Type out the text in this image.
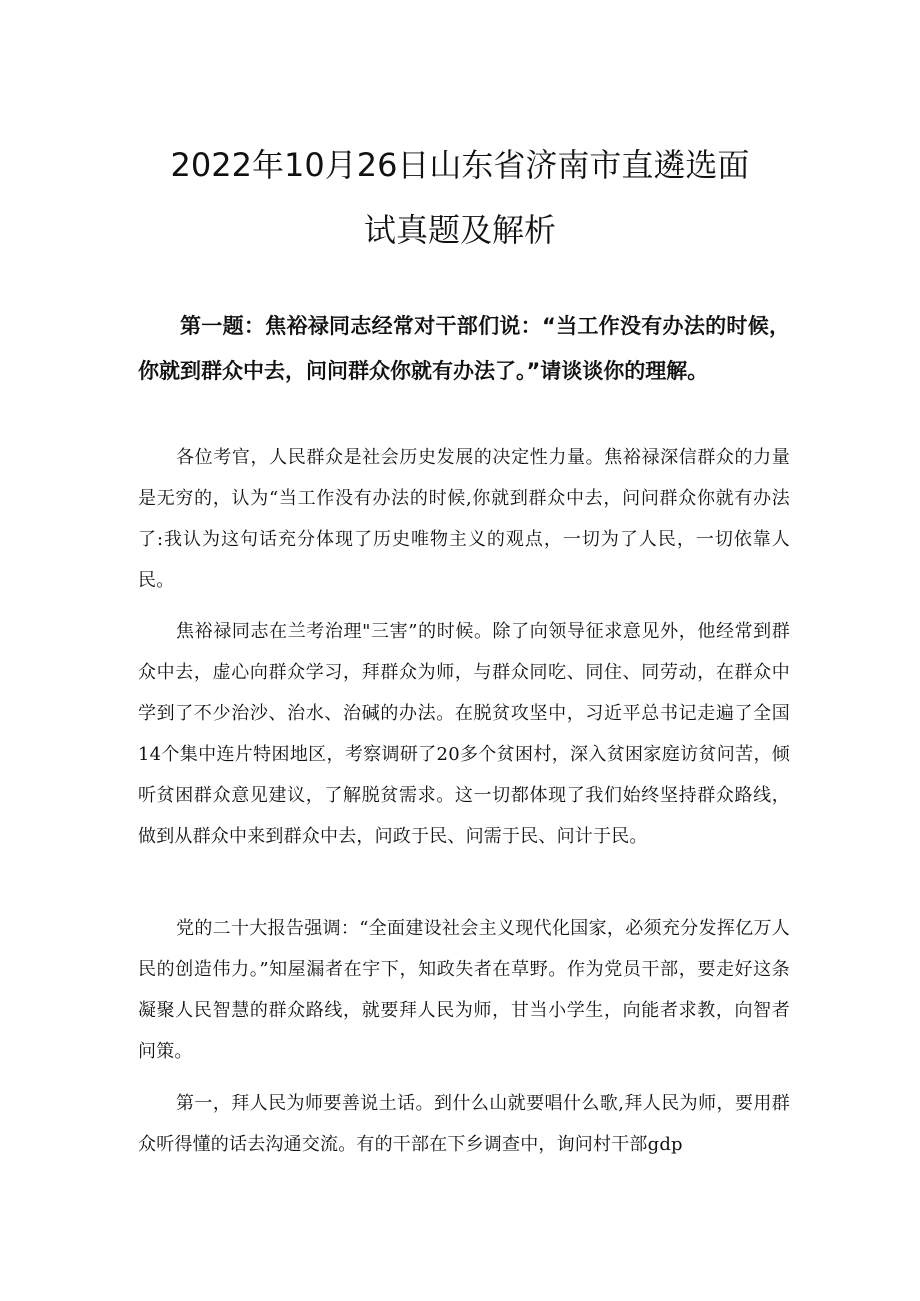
2022年10月26日山东省济南市直遴选面
试真题及解析

第一题：焦裕禄同志经常对干部们说：“当工作没有办法的时候，你就到群众中去，问问群众你就有办法了。”请谈谈你的理解。

各位考官，人民群众是社会历史发展的决定性力量。焦裕禄深信群众的力量是无穷的，认为“当工作没有办法的时候,你就到群众中去，问问群众你就有办法了:我认为这句话充分体现了历史唯物主义的观点，一切为了人民，一切依靠人民。

焦裕禄同志在兰考治理"三害”的时候。除了向领导征求意见外，他经常到群众中去，虚心向群众学习，拜群众为师，与群众同吃、同住、同劳动，在群众中学到了不少治沙、治水、治碱的办法。在脱贫攻坚中，习近平总书记走遍了全国14个集中连片特困地区，考察调研了20多个贫困村，深入贫困家庭访贫问苦，倾听贫困群众意见建议，了解脱贫需求。这一切都体现了我们始终坚持群众路线，做到从群众中来到群众中去，问政于民、问需于民、问计于民。

党的二十大报告强调：“全面建设社会主义现代化国家，必须充分发挥亿万人民的创造伟力。”知屋漏者在宇下，知政失者在草野。作为党员干部，要走好这条凝聚人民智慧的群众路线，就要拜人民为师，甘当小学生，向能者求教，向智者问策。

第一，拜人民为师要善说土话。到什么山就要唱什么歌,拜人民为师，要用群众听得懂的话去沟通交流。有的干部在下乡调查中，询问村干部gdp
